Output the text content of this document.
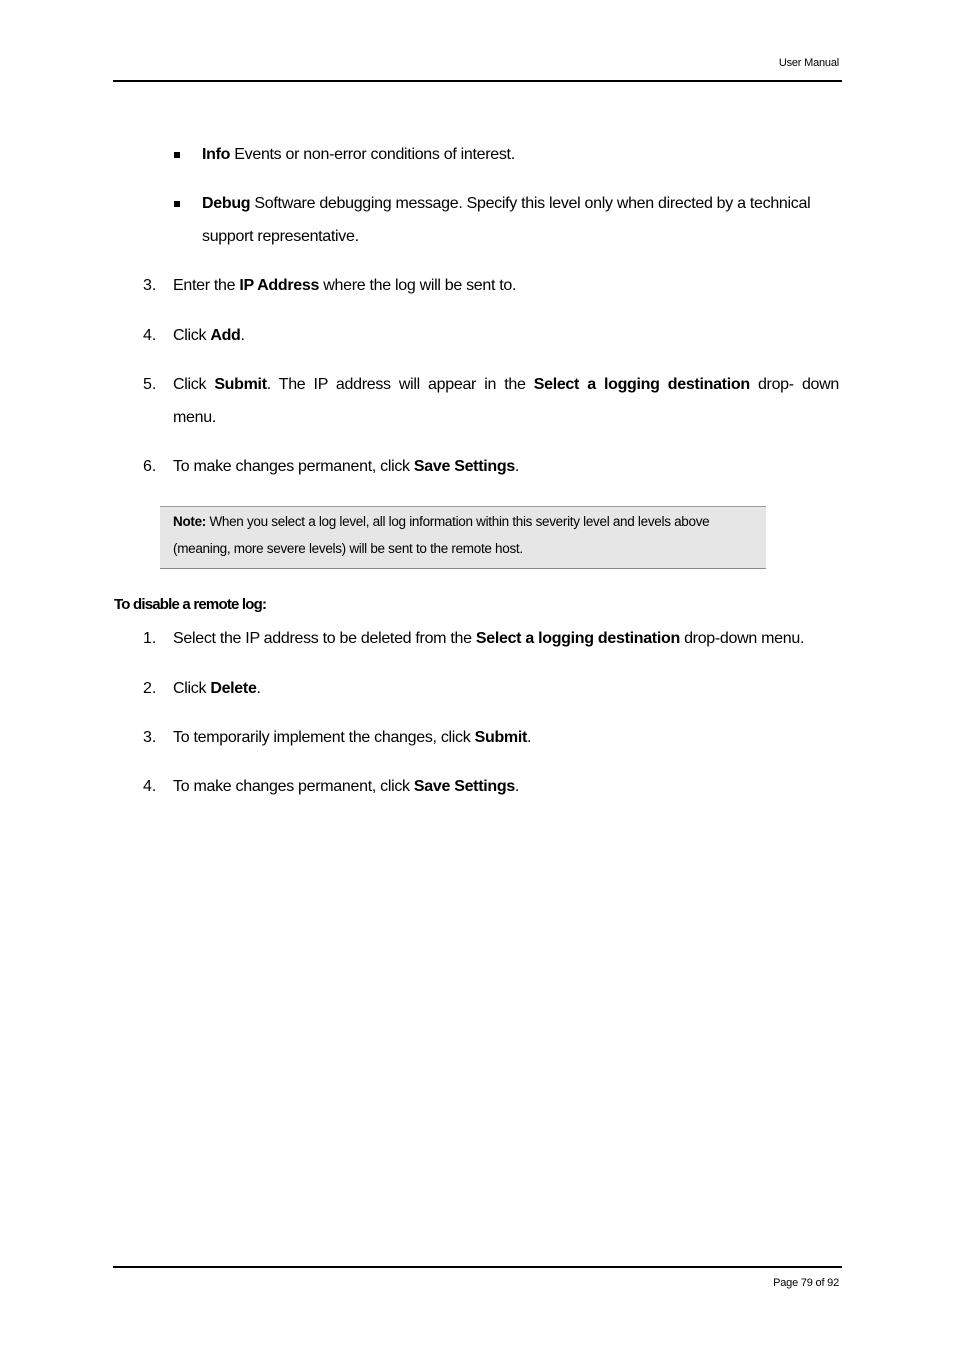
User Manual
Info Events or non-error conditions of interest.
Debug Software debugging message. Specify this level only when directed by a technical
support representative.
3. Enter the IP Address where the log will be sent to.
4. Click Add.
5. Click Submit. The IP address will appear in the Select a logging destination drop- down
menu.
6. To make changes permanent, click Save Settings.
Note: When you select a log level, all log information within this severity level and levels above
(meaning, more severe levels) will be sent to the remote host.
To disable a remote log:
1. Select the IP address to be deleted from the Select a logging destination drop-down menu.
2. Click Delete.
3. To temporarily implement the changes, click Submit.
4. To make changes permanent, click Save Settings.
Page 79 of 92
